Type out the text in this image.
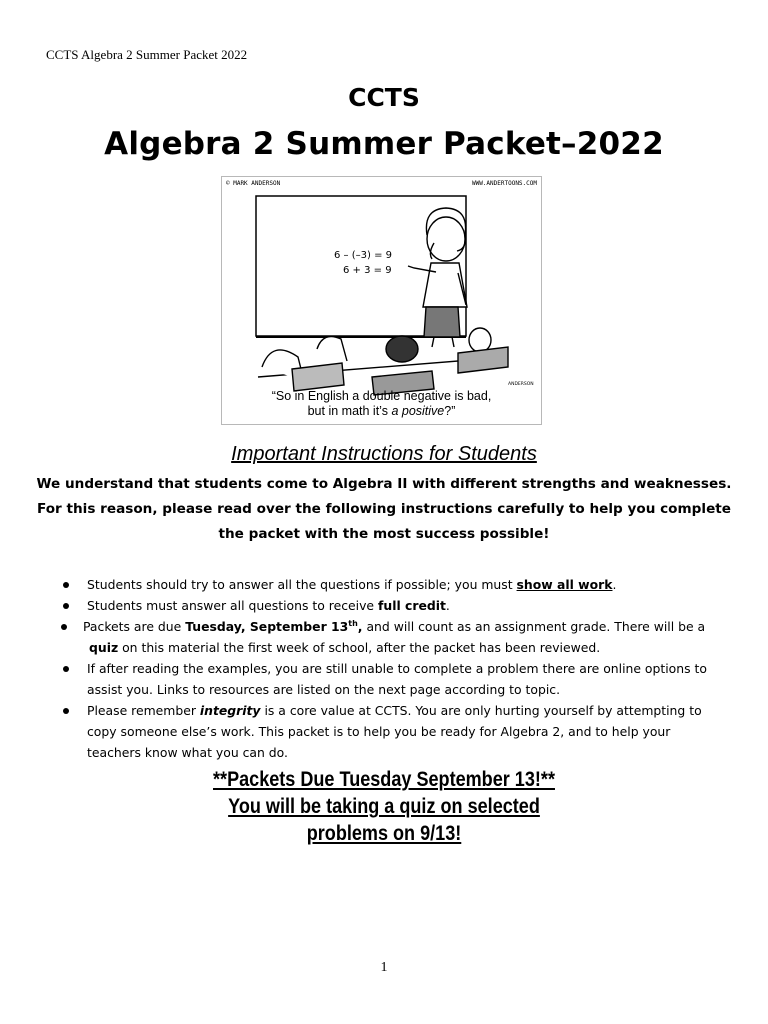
CCTS Algebra 2 Summer Packet 2022
CCTS
Algebra 2 Summer Packet–2022
6 – (–3) = 9
6 + 3 = 9
ANDERSON
© MARK ANDERSON	WWW.ANDERTOONS.COM
“So in English a double negative is bad,
but in math it’s a positive?”
Important Instructions for Students
We understand that students come to Algebra II with different strengths and weaknesses.
For this reason, please read over the following instructions carefully to help you complete
the packet with the most success possible!
Students should try to answer all the questions if possible; you must show all work.
Students must answer all questions to receive full credit.
Packets are due Tuesday, September 13th, and will count as an assignment grade. There will be a
quiz on this material the first week of school, after the packet has been reviewed.
If after reading the examples, you are still unable to complete a problem there are online options to
assist you. Links to resources are listed on the next page according to topic.
Please remember integrity is a core value at CCTS. You are only hurting yourself by attempting to
copy someone else’s work. This packet is to help you be ready for Algebra 2, and to help your
teachers know what you can do.
**Packets Due Tuesday September 13!**
You will be taking a quiz on selected
problems on 9/13!
1
